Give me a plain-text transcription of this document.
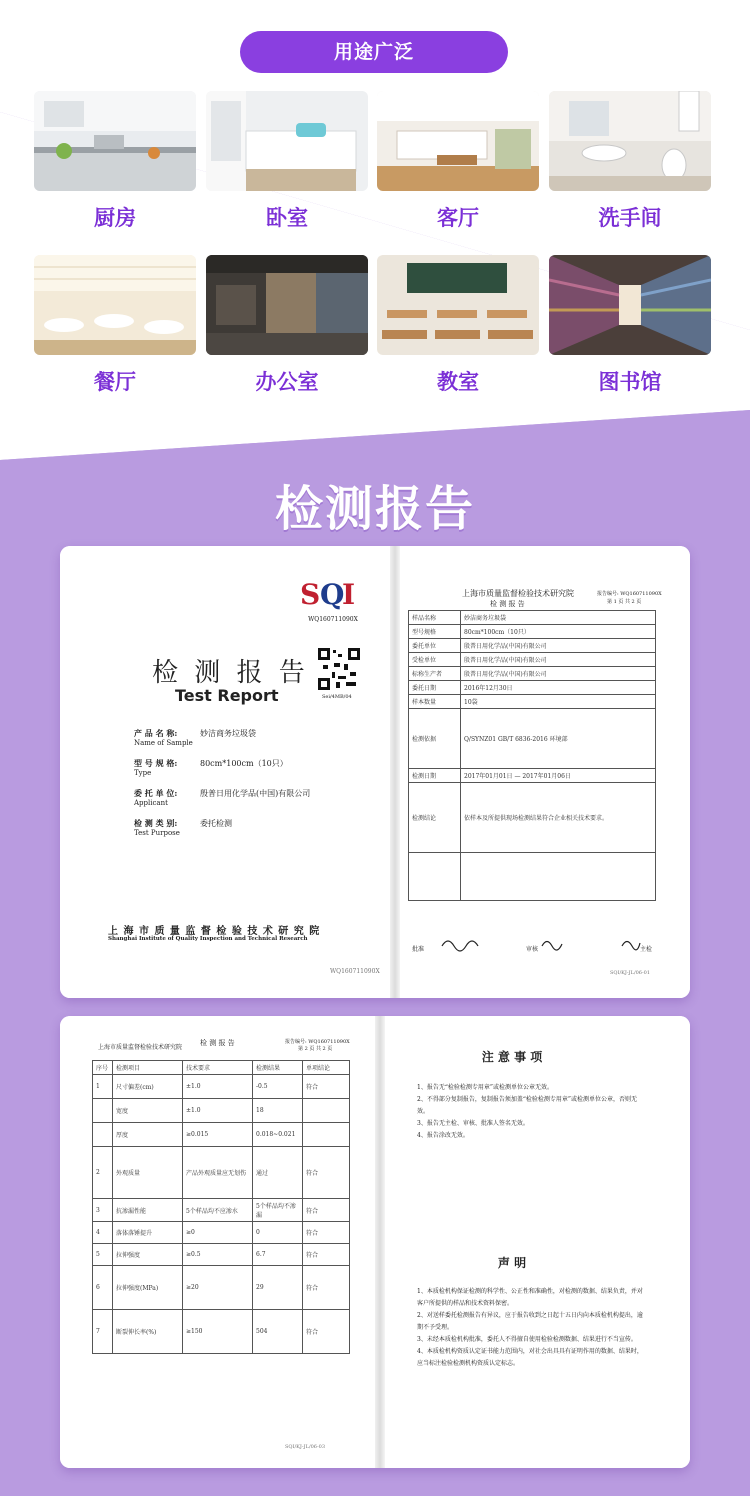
用途广泛
厨房	卧室	客厅	洗手间
餐厅	办公室	教室	图书馆
检测报告
S Q
I
WQ160711090X
检 测 报 告
Test Report	Sei/4MB/04
产 品 名 称:
Name of Sample
妙洁商务垃圾袋
型 号 规 格:
Type
80cm*100cm（10只）
委 托 单 位:
Applicant
殷普日用化学品(中国)有限公司
检 测 类 别:
Test Purpose
委托检测
上 海 市 质 量 监 督 检 验 技 术 研 究 院
Shanghai Institute of Quality Inspection and Technical Research
WQ160711090X
上海市质量监督检验技术研究院
检 测 报 告
报告编号: WQ160711090X
第 1 页 共 2 页
样品名称	妙洁商务垃圾袋
型号规格	80cm*100cm（10只）
委托单位	殷普日用化学品(中国)有限公司
受检单位	殷普日用化学品(中国)有限公司
标称生产者	殷普日用化学品(中国)有限公司
委托日期	2016年12月30日
样本数量	10袋
检测依据	Q/SYNZ01 GB/T 6836-2016 环境部
检测日期	2017年01月01日 — 2017年01月06日
检测结论	依样本及所提供现场检测结果符合企业相关技术要求。

批准	审核	主检
SQI/KJ-JL/06-01
上海市质量监督检验技术研究院
检 测 报 告	报告编号: WQ160711090X
第 2 页 共 2 页
序号	检测项目	技术要求	检测结果	单项结论
1	尺寸偏差(cm)	±1.0	-0.5	符合
	宽度	±1.0	18	
	厚度	≥0.015	0.018~0.021	
2	外观质量	产品外观质量应无划伤	通过	符合
3	抗渗漏性能	5个样品均不应渗水	5个样品均不渗漏	符合
4	落体落锤提升	≥0	0	符合
5	拉伸强度	≥0.5	6.7	符合
6	拉伸强度(MPa)	≥20	29	符合
7	断裂伸长率(%)	≥150	504	符合
SQI/KJ-JL/06-03
注 意 事 项
1、报告无“检验检测专用章”或检测单位公章无效。
2、不得部分复制报告，复制报告须加盖“检验检测专用章”或检测单位公章，否则无效。
3、报告无主检、审核、批准人签名无效。
4、报告涂改无效。
声 明
1、本质检机构保证检测的科学性、公正性和准确性，对检测的数据、结果负责，并对客户所提供的样品和技术资料保密。
2、对送样委托检测报告有异议，应于报告收到之日起十五日内向本质检机构提出，逾期不予受理。
3、未经本质检机构批准，委托人不得擅自使用检验检测数据、结果进行不当宣传。
4、本质检机构资质认定证书能力范围内，对社会出具具有证明作用的数据、结果时，应当标注检验检测机构资质认定标志。
